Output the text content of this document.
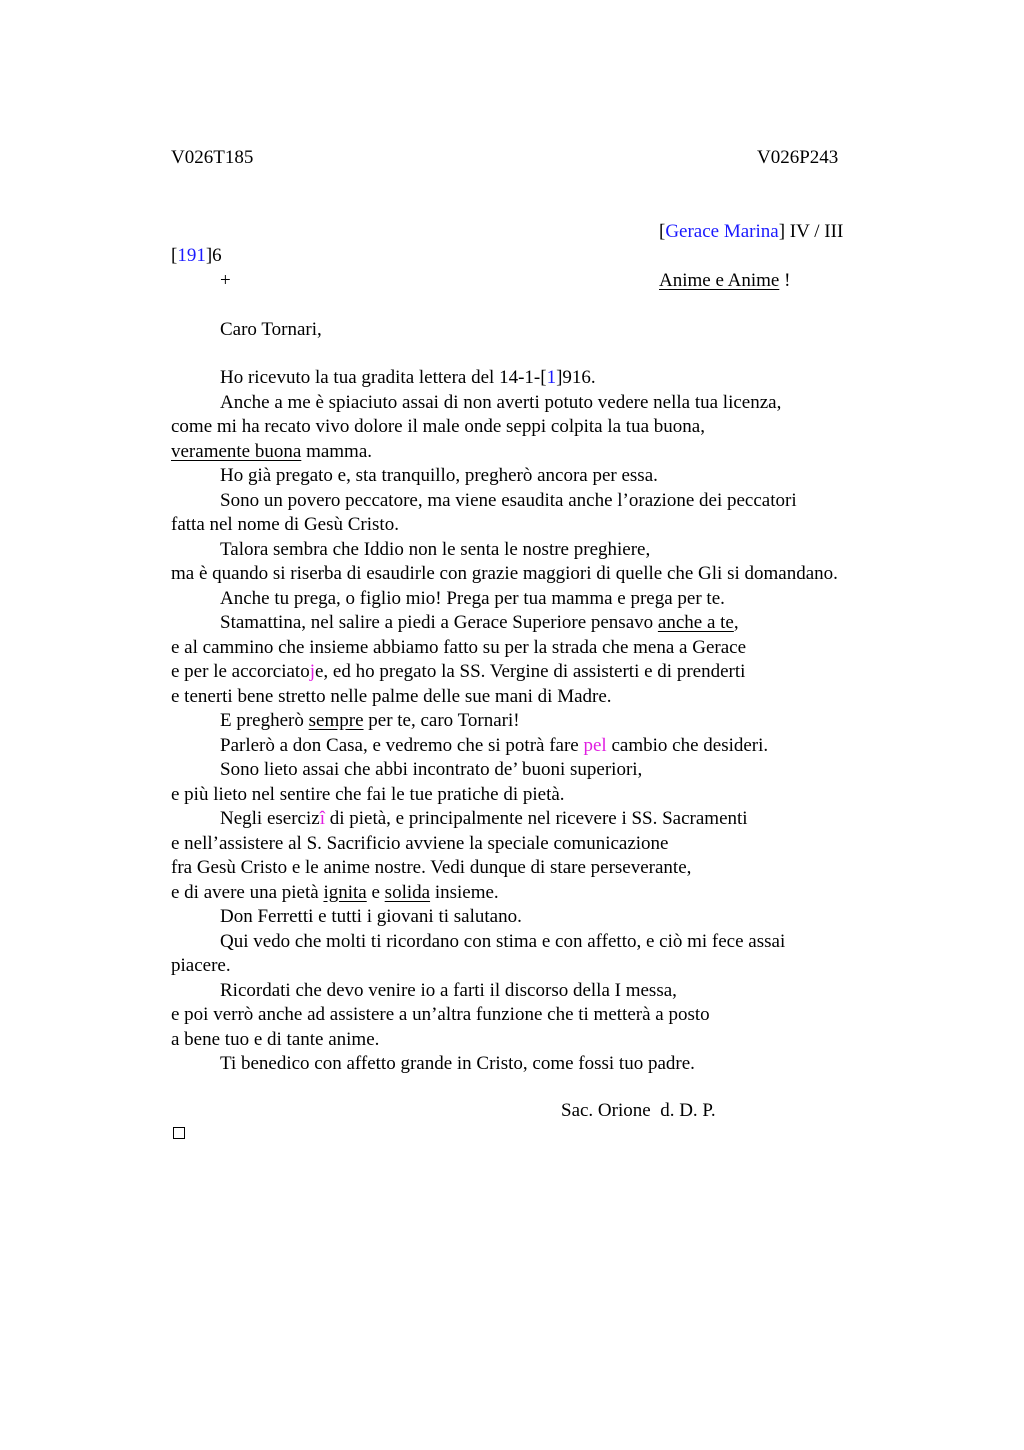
V026T185	V026P243
[Gerace Marina] IV / III
[191]6
+	Anime e Anime !
Caro Tornari,
Ho ricevuto la tua gradita lettera del 14-1-[1]916.
Anche a me è spiaciuto assai di non averti potuto vedere nella tua licenza,
come mi ha recato vivo dolore il male onde seppi colpita la tua buona,
veramente buona mamma.
Ho già pregato e, sta tranquillo, pregherò ancora per essa.
Sono un povero peccatore, ma viene esaudita anche l’orazione dei peccatori
fatta nel nome di Gesù Cristo.
Talora sembra che Iddio non le senta le nostre preghiere,
ma è quando si riserba di esaudirle con grazie maggiori di quelle che Gli si domandano.
Anche tu prega, o figlio mio! Prega per tua mamma e prega per te.
Stamattina, nel salire a piedi a Gerace Superiore pensavo anche a te,
e al cammino che insieme abbiamo fatto su per la strada che mena a Gerace
e per le accorciatoje, ed ho pregato la SS. Vergine di assisterti e di prenderti
e tenerti bene stretto nelle palme delle sue mani di Madre.
E pregherò sempre per te, caro Tornari!
Parlerò a don Casa, e vedremo che si potrà fare pel cambio che desideri.
Sono lieto assai che abbi incontrato de’ buoni superiori,
e più lieto nel sentire che fai le tue pratiche di pietà.
Negli esercizî di pietà, e principalmente nel ricevere i SS. Sacramenti
e nell’assistere al S. Sacrificio avviene la speciale comunicazione
fra Gesù Cristo e le anime nostre. Vedi dunque di stare perseverante,
e di avere una pietà ignita e solida insieme.
Don Ferretti e tutti i giovani ti salutano.
Qui vedo che molti ti ricordano con stima e con affetto, e ciò mi fece assai
piacere.
Ricordati che devo venire io a farti il discorso della I messa,
e poi verrò anche ad assistere a un’altra funzione che ti metterà a posto
a bene tuo e di tante anime.
Ti benedico con affetto grande in Cristo, come fossi tuo padre.
Sac. Orione  d. D. P.
